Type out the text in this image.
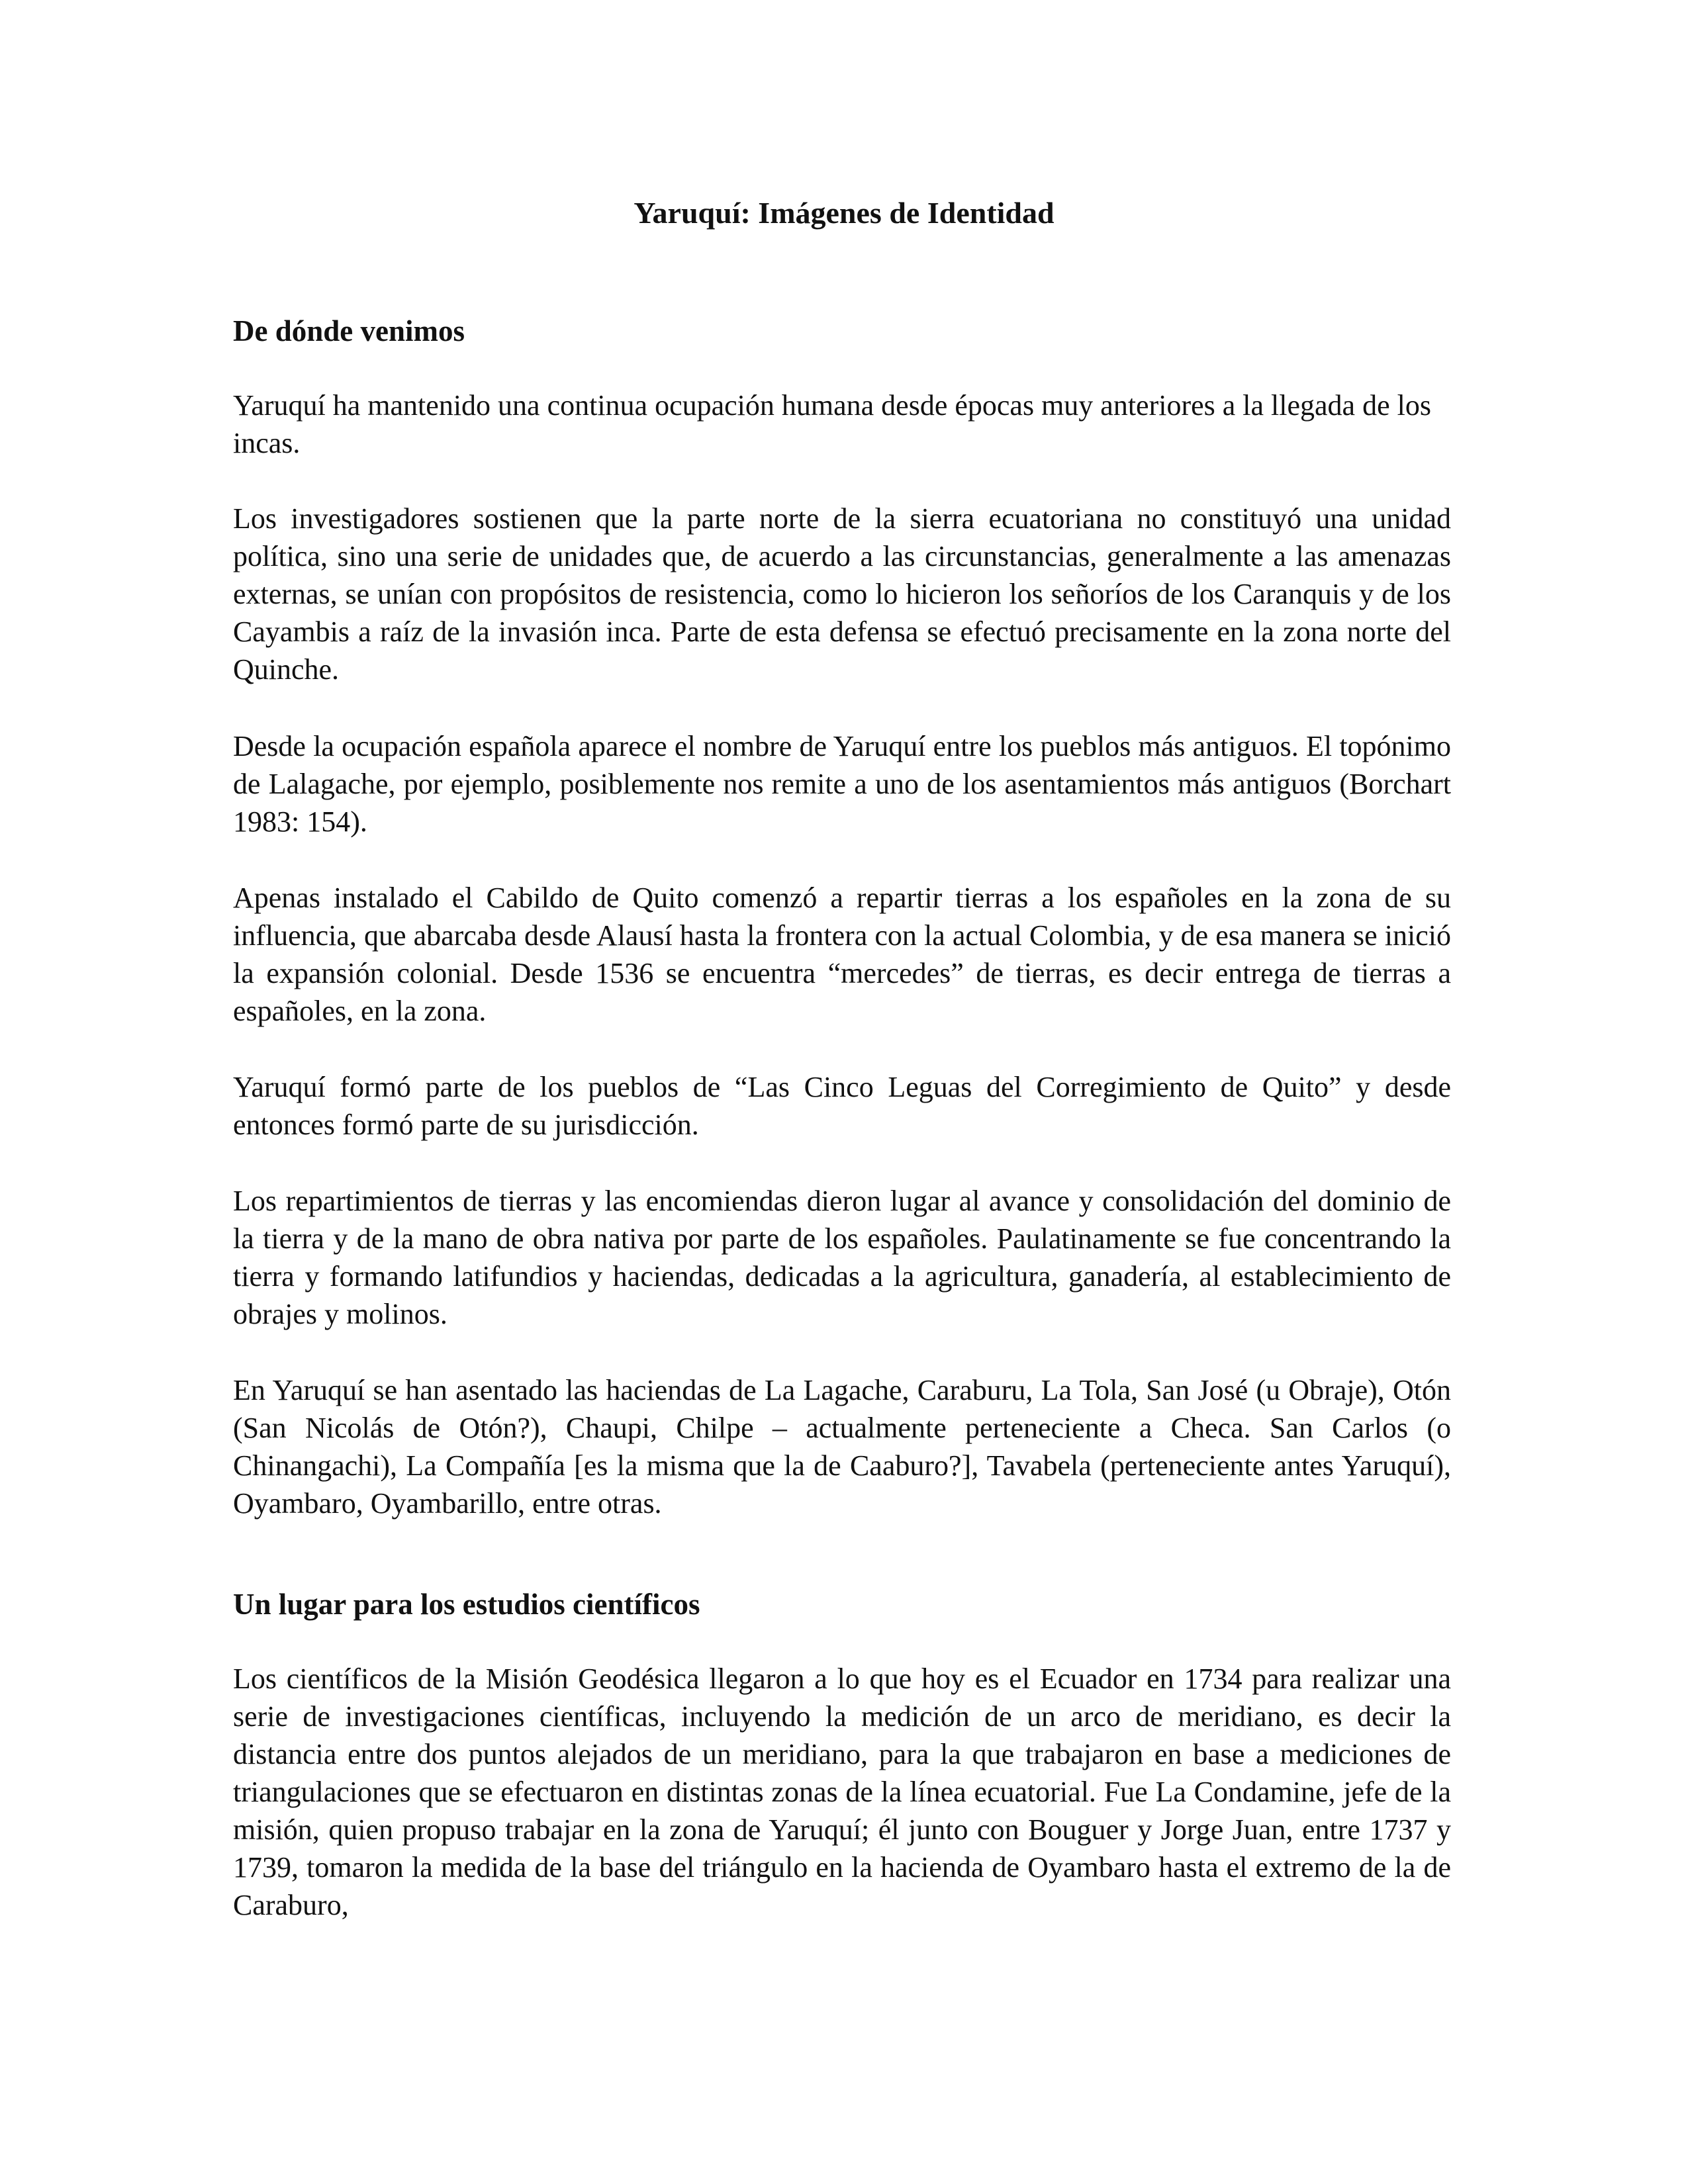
Yaruquí: Imágenes de Identidad
De dónde venimos

Yaruquí ha mantenido una continua ocupación humana desde épocas muy anteriores a la llegada de los incas.

Los investigadores sostienen que la parte norte de la sierra ecuatoriana no constituyó una unidad política, sino una serie de unidades que, de acuerdo a las circunstancias, generalmente a las amenazas externas, se unían con propósitos de resistencia, como lo hicieron los señoríos de los Caranquis y de los Cayambis a raíz de la invasión inca. Parte de esta defensa se efectuó precisamente en la zona norte del Quinche.

Desde la ocupación española aparece el nombre de Yaruquí entre los pueblos más antiguos. El topónimo de Lalagache, por ejemplo, posiblemente nos remite a uno de los asentamientos más antiguos (Borchart 1983: 154).

Apenas instalado el Cabildo de Quito comenzó a repartir tierras a los españoles en la zona de su influencia, que abarcaba desde Alausí hasta la frontera con la actual Colombia, y de esa manera se inició la expansión colonial. Desde 1536 se encuentra “mercedes” de tierras, es decir entrega de tierras a españoles, en la zona.

Yaruquí formó parte de los pueblos de “Las Cinco Leguas del Corregimiento de Quito” y desde entonces formó parte de su jurisdicción.

Los repartimientos de tierras y las encomiendas dieron lugar al avance y consolidación del dominio de la tierra y de la mano de obra nativa por parte de los españoles. Paulatinamente se fue concentrando la tierra y formando latifundios y haciendas, dedicadas a la agricultura, ganadería, al establecimiento de obrajes y molinos.

En Yaruquí se han asentado las haciendas de La Lagache, Caraburu, La Tola, San José (u Obraje), Otón (San Nicolás de Otón?), Chaupi, Chilpe – actualmente perteneciente a Checa. San Carlos (o Chinangachi), La Compañía [es la misma que la de Caaburo?], Tavabela (perteneciente antes Yaruquí), Oyambaro, Oyambarillo, entre otras.

Un lugar para los estudios científicos

Los científicos de la Misión Geodésica llegaron a lo que hoy es el Ecuador en 1734 para realizar una serie de investigaciones científicas, incluyendo la medición de un arco de meridiano, es decir la distancia entre dos puntos alejados de un meridiano, para la que trabajaron en base a mediciones de triangulaciones que se efectuaron en distintas zonas de la línea ecuatorial. Fue La Condamine, jefe de la misión, quien propuso trabajar en la zona de Yaruquí; él junto con Bouguer y Jorge Juan, entre 1737 y 1739, tomaron la medida de la base del triángulo en la hacienda de Oyambaro hasta el extremo de la de Caraburo,
